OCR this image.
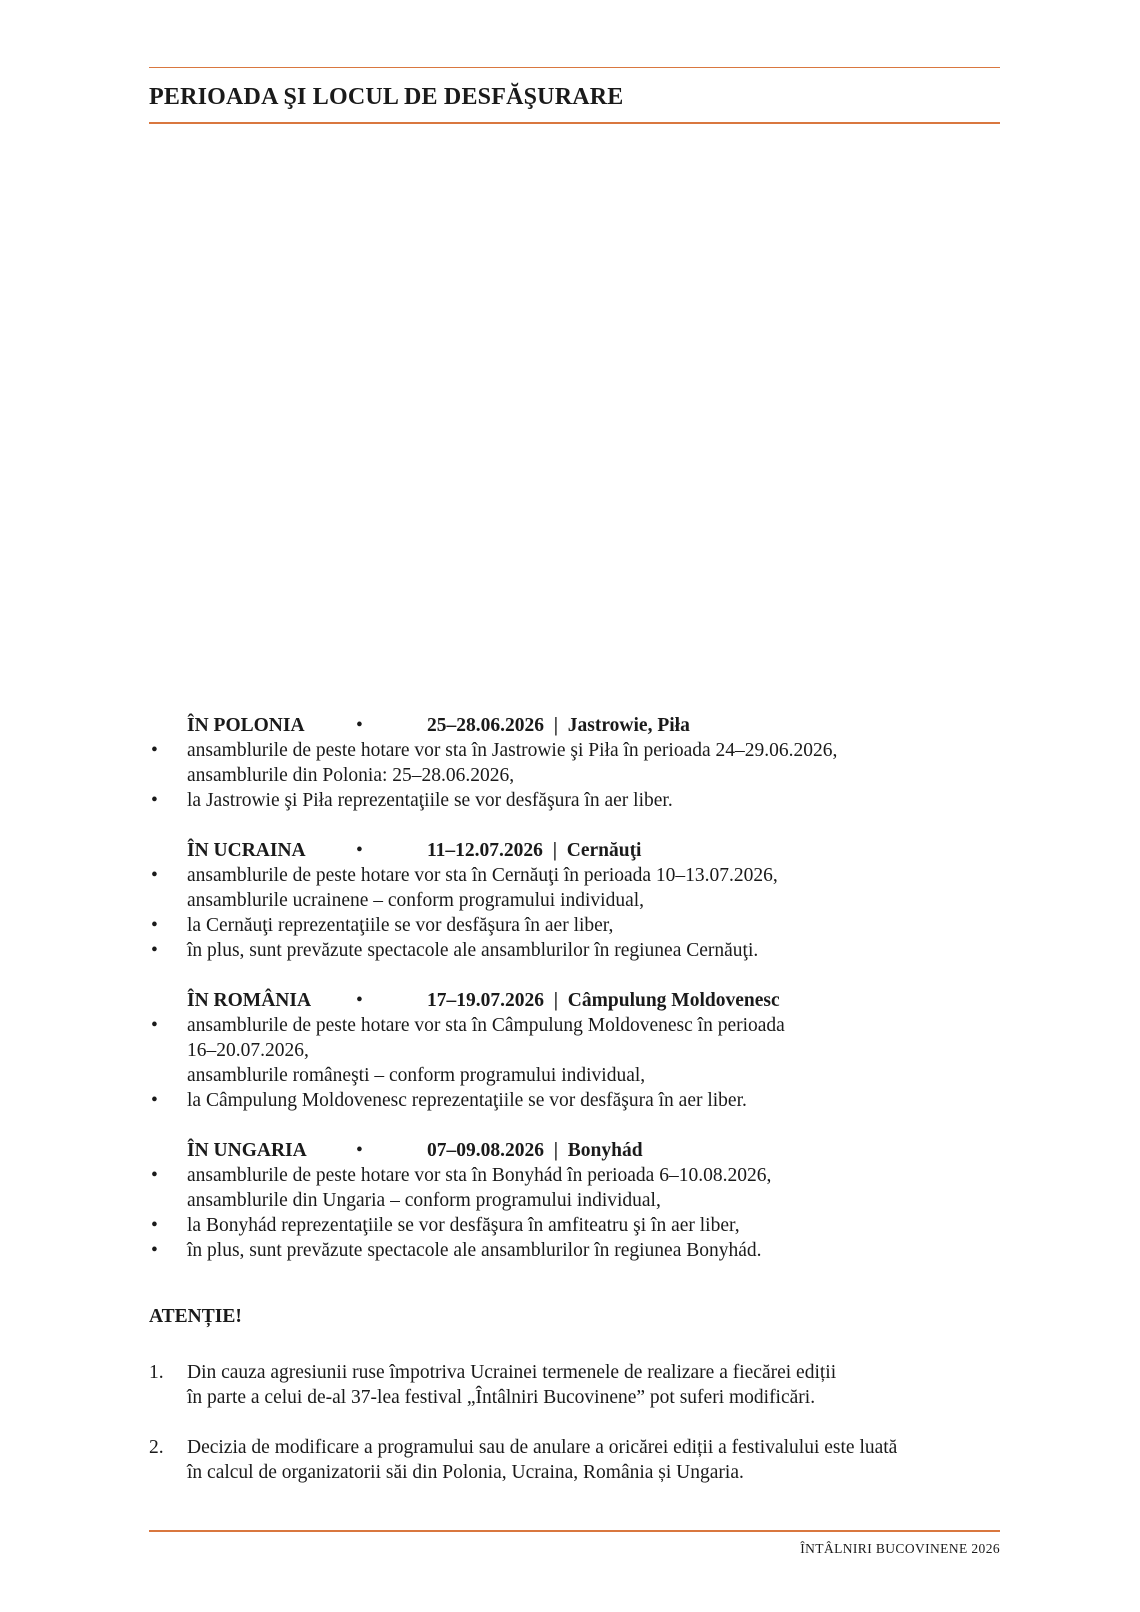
PERIOADA ŞI LOCUL DE DESFĂŞURARE
ÎN POLONIA	•	25–28.06.2026 | Jastrowie, Piła
• ansamblurile de peste hotare vor sta în Jastrowie şi Piła în perioada 24–29.06.2026,
ansamblurile din Polonia: 25–28.06.2026,
• la Jastrowie şi Piła reprezentaţiile se vor desfăşura în aer liber.
ÎN UCRAINA	•	11–12.07.2026 | Cernăuţi
• ansamblurile de peste hotare vor sta în Cernăuţi în perioada 10–13.07.2026,
ansamblurile ucrainene – conform programului individual,
• la Cernăuţi reprezentaţiile se vor desfăşura în aer liber,
• în plus, sunt prevăzute spectacole ale ansamblurilor în regiunea Cernăuţi.
ÎN ROMÂNIA •	17–19.07.2026 | Câmpulung Moldovenesc
• ansamblurile de peste hotare vor sta în Câmpulung Moldovenesc în perioada
16–20.07.2026,
ansamblurile româneşti – conform programului individual,
• la Câmpulung Moldovenesc reprezentaţiile se vor desfăşura în aer liber.
ÎN UNGARIA	•	07–09.08.2026 | Bonyhád
• ansamblurile de peste hotare vor sta în Bonyhád în perioada 6–10.08.2026,
ansamblurile din Ungaria – conform programului individual,
• la Bonyhád reprezentaţiile se vor desfăşura în amfiteatru şi în aer liber,
• în plus, sunt prevăzute spectacole ale ansamblurilor în regiunea Bonyhád.
ATENȚIE!
1. Din cauza agresiunii ruse împotriva Ucrainei termenele de realizare a fiecărei ediții
în parte a celui de-al 37-lea festival „Întâlniri Bucovinene” pot suferi modificări.
2. Decizia de modificare a programului sau de anulare a oricărei ediții a festivalului este luată
în calcul de organizatorii săi din Polonia, Ucraina, România și Ungaria.
ÎNTÂLNIRI BUCOVINENE 2026
